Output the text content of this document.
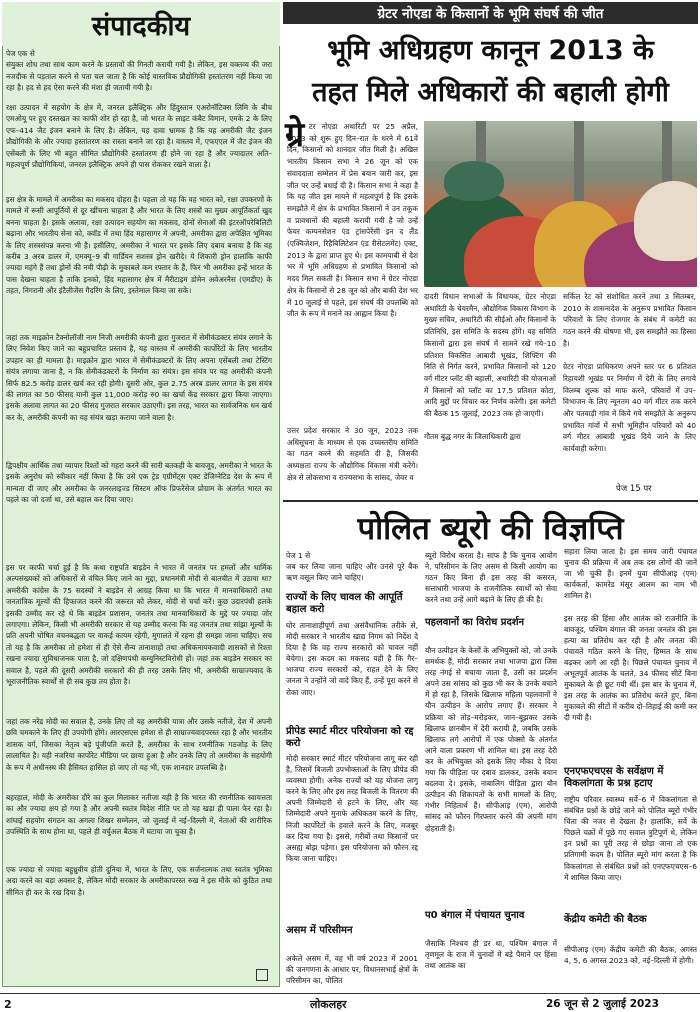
संपादकीय

पेज एक से
संयुक्त शोध तथा साथ काम करने के प्रस्तावों की गिनती करायी गयी है। लेकिन, इस वक्तव्य की जरा नजदीक से पड़ताल करने से पता चल जाता है कि कोई वास्तविक प्रौद्योगिकी हस्तांतरण नहीं किया जा रहा है। हद से हद ऐसा करने की मंशा ही जतायी गयी है।

रक्षा उत्पादन में सहयोग के क्षेत्र में, जनरल इलैक्ट्रिक और हिंदुस्तान एअरोनॉटिक्स लिमि के बीच एमओयू पर हुए दस्तखत का काफी शोर हो रहा है, जो भारत के लाइट कंबैट विमान, एमके 2 के लिए एफ–414 जैट इंजन बनाने के लिए है। लेकिन, यह दावा भ्रामक है कि यह अमरीकी जैट इंजन प्रौद्योगिकी के और ज्यादा हस्तांतरण का रास्ता बनाने जा रहा है। वास्तव में, एफएएल में जैट इंजन की एसेंबली के लिए भी बहुत सीमित प्रौद्योगिकी हस्तांतरण ही होने जा रहा है और ज्यादातर अति–महत्वपूर्ण प्रौद्योगिकियां, जनरल इलैक्ट्रिक अपने ही पास रोककर रखने वाला है।

इस क्षेत्र के मामले में अमरीका का मकसद दोहरा है। पहला तो यह कि वह भारत को, रक्षा उपकरणों के मामले में रूसी आपूर्तियों से दूर खींचना चाहता है और भारत के लिए शस्त्रों का मुख्य आपूर्तिकर्ता खुद बनना चाहता है। इसके अलावा, रक्षा उत्पादन सहयोग का मकसद, दोनों सेनाओं की इंटरऑपरेबिलिटी बढ़ाना और भारतीय सेना को, क्वॉड में तथा हिंद महासागर में अपनी, अमरीका द्वारा अपेक्षित भूमिका के लिए शस्त्रसंपन्न करना भी है। इसीलिए, अमरीका ने भारत पर इसके लिए दबाव बनाया है कि वह करीब 3 अरब डालर में, एमक्यू–9 बी गार्डियन सशस्त्र ड्रोन खरीदे। ये शिकारी ड्रोन हालांकि काफी ज्यादा महंगे हैं तथा ड्रोनों की नयी पीढ़ी के मुकाबले कम रफ्तार के हैं, फिर भी अमरीका इन्हें भारत के पास देखना चाहता है ताकि इनको, हिंद महासागर क्षेत्र में मैरीटाइम डोमेन अवेअरनैस (एमडीए) के तहत, निगरानी और इंटैलीजेंस गैदरिंग के लिए, इस्तेमाल किया जा सके।

जहां तक माइक्रोन टैक्नोलॉजी नाम निजी अमरीकी कंपनी द्वारा गुजरात में सेमीकंडक्टर संयंत्र लगाने के लिए निवेश किए जाने का बहुप्रचारित प्रस्ताव है, यह वास्तव में अमरीकी कार्पोरेटों के लिए भारतीय उपहार का ही मामला है। माइक्रोन द्वारा भारत में सेमीकंडक्टरों के लिए अपना एसेंबली तथा टेस्टिंग संयंत्र लगाया जाना है, न कि सेमीकंडक्टरों के निर्माण का संयंत्र। इस संयंत्र पर यह अमरीकी कंपनी सिर्फ 82.5 करोड़ डालर खर्च कर रही होगी। दूसरी ओर, कुल 2.75 अरब डालर लागत के इस संयंत्र की लागत का 50 फीसद यानी कुल 11,000 करोड़ रु0 का खर्चा केंद्र सरकार द्वारा किया जाएगा। इसके अलावा लागत का 20 फीसद गुजरात सरकार उठाएगी। इस तरह, भारत का सार्वजनिक धन खर्च कर के, अमरीकी कंपनी का यह संयंत्र खड़ा कराया जाने वाला है।

द्विपक्षीय आर्थिक तथा व्यापार रिश्तों को गहरा करने की सारी बतकही के बावजूद, अमरीका ने भारत के इसके अनुरोध को स्वीकार नहीं किया है कि उसे एक ट्रेड एग्रीमेंट्स एक्ट डेजिग्नेटिड देश के रूप में मान्यता दी जाए और अमरीका के जनरलाइज्ड सिस्टम ऑफ प्रिफरेंसेज प्रोग्राम के अंतर्गत भारत का पहले का जो दर्जा था, उसे बहाल कर दिया जाए।

इस पर काफी चर्चा हुई है कि कथा राष्ट्रपति बाइडेन ने भारत में जनतंत्र पर हमलों और धार्मिक अल्पसंख्यकों को अधिकारों से वंचित किए जाने का मुद्दा, प्रधानमंत्री मोदी से बातचीत में उठाया था? अमरीकी कांग्रेस के 75 सदस्यों ने बाइडेन से आग्रह किया था कि भारत में मानवाधिकारों तथा जनतांत्रिक मूल्यों की हिफाजत करने की जरूरत को लेकर, मोदी से चर्चा करें। कुछ उदारपंथी हलके इसकी उम्मीद कर रहे थे कि बाइडेन प्रशासन, जनतंत्र तथा मानवाधिकारों के मुद्दे पर ज्यादा जोर लगाएगा। लेकिन, किसी भी अमरीकी सरकार से यह उम्मीद करना कि वह जनतंत्र तथा सांझा मूल्यों के प्रति अपनी घोषित वचनबद्धता पर वाकई कायम रहेगी, मुगालते में रहना ही समझा जाना चाहिए। सच तो यह है कि अमरीका तो हमेशा से ही ऐसे सैन्य तानाशाहों तथा अधिकनायकवादी शासकों से रिश्ता रखना ज्यादा सुविधाजनक पाता है, जो दक्षिणपंथी कम्युनिस्टविरोधी हों। जहां तक बाइडेन सरकार का सवाल है, पहले की दूसरी अमरीकी सरकारों की ही तरह उसके लिए भी, अमरीकी साम्राज्यवाद के भूराजनीतिक स्वार्थों से ही सब कुछ तय होता है।

जहां तक नरेंद्र मोदी का सवाल है, उनके लिए तो यह अमरीकी यात्रा और उसके नतीजे, देश में अपनी छवि चमकाने के लिए ही उपयोगी होंगे। आरएसएस हमेशा से ही साम्राज्यवादपरस्त रहा है और भारतीय शासक वर्ग, जिसका नेतृत्व बड़े पूंजीपति करते हैं, अमरीका के साथ रणनीतिक गठजोड़ के लिए लालायित है। यही नजरिया कार्पोरेट मीडिया पर छाया हुआ है और उनके लिए तो अमरीका के सहयोगी के रूप में अधीनस्थ की हैसियत हासिल हो जाए तो यह भी, एक शानदार उपलब्धि है।

बहरहाल, मोदी के अमरीका दौरे का कुल मिलाकर नतीजा यही है कि भारत की रणनीतिक स्वायत्तता का और ज्यादा क्षय हो गया है और अपनी स्वतंत्र विदेश नीति पर तो यह खड़ा ही पाला फेर रहा है। शांघाई सहयोग संगठन का अगला शिखर सम्मेलन, जो जुलाई में नई–दिल्ली में, नेताओं की शारीरिक उपस्थिति के साथ होना था, पहले ही वर्चुअल बैठक में घटाया जा चुका है।

एक ज्यादा से ज्यादा बहुध्रुवीय होती दुनिया में, भारत के लिए, एक सर्जनात्मक तथा स्वतंत्र भूमिका अदा करने का बड़ा अवसर है, लेकिन मोदी सरकार के अमरीकापरस्त रुख ने इस मौके को कुंठित तथा सीमित ही कर के रख दिया है।

ग्रेटर नोएडा के किसानों के भूमि संघर्ष की जीत
भूमि अधिग्रहण कानून 2013 के
तहत मिले अधिकारों की बहाली होगी
ग्रे टर नोएडा अथारिटी पर 25 अप्रैल, 2023 को शुरू हुए दिन–रात के धरने में 61वें दिन, किसानों को शानदार जीत मिली है। अखिल भारतीय किसान सभा ने 26 जून को एक संवाददाता सम्मेलन में प्रेस बयान जारी कर, इस जीत पर उन्हें बधाई दी है। किसान सभा ने कहा है कि यह जीत इस मायने में महत्वपूर्ण है कि इसके समझौते में क्षेत्र के प्रभावित किसानों ने उन तकूक व प्रावधानों की बहाली करायी गयी है जो उन्हें फेयर कम्पनसेशन एंड ट्रांसपेरेंसी इन द लैंड (एक्विजेशन, रिहैबिलिटेशन एंड रीसेटलमेंट) एक्ट, 2013 के द्वारा प्राप्त हुए थे। इस कामयाबी से देश भर में भूमि अधिग्रहण से प्रभावित किसानों को मदद मिल सकती है। किसान सभा ने ग्रेटर नोएडा क्षेत्र के किसानों से 28 जून को और बाकी देश भर में 10 जुलाई से पहले, इस संघर्ष की उपलब्धि को जीत के रूप में मनाने का आह्वान किया है।

उत्तर प्रदेश सरकार ने 30 जून, 2023 तक अधिसूचना के माध्यम से एक उच्चस्तरीय समिति का गठन करने की सहमति दी है, जिसकी अध्यक्षता राज्य के औद्योगिक विकास मंत्री करेंगे। क्षेत्र से लोकसभा व राज्यसभा के सांसद, जेवर व

दादरी विधान सभाओं के विधायक, ग्रेटर नोएडा अथारिटी के चेयरमैन, औद्योगिक विकास विभाग के मुख्य सचिव, अथारिटी की सीईओ और किसानों के प्रतिनिधि, इस समिति के सदस्य होंगे। यह समिति किसानों द्वारा इस संघर्ष में सामने रखे गये–10 प्रतिशत विकसित आबादी भूखंड, शिफ्टिंग की निति से निर्गत करने, प्रभावित किसानों को 120 वर्ग मीटर प्लॉट की बहाली, अथारिटी की योजनाओं में किसानों को प्लॉट का 17.5 प्रतिशत कोटा, आदि मुद्दों पर विचार कर निर्णय करेगी। इस कमेटी की बैठक 15 जुलाई, 2023 तक हो जाएगी।

गौतम बुद्ध नगर के जिलाधिकारी द्वारा

सर्किल रेट को संशोधित करने तथा 3 सितम्बर, 2010 के शासनादेश के अनुरूप प्रभावित किसान परिवारों के लिए रोजगार के संबंध में कमेटी का गठन करने की घोषणा भी, इस समझौते का हिस्सा है।

ग्रेटर नोएडा प्राधिकरण अपने स्तर पर 6 प्रतिशत रिहायशी भूखंड पर निर्माण में देरी के लिए लगाये विलम्ब शुल्क को माफ करने, परिवारों में उप–विभाजन के लिए न्यूनतम 40 वर्ग मीटर तक करने और पतवाड़ी गांव में किये गये समझौते के अनुरूप प्रभावित गांवों में सभी भूमिहीन परिवारों को 40 वर्ग मीटर आबादी भूखंड दिये जाने के लिए कार्यवाही करेगा।

पेज 15 पर
पोलित ब्यूरो की विज्ञप्ति

पेज 1 से
जब कर लिया जाना चाहिए और उनसे पूरे बैंक ऋण वसूल किए जाने चाहिए।

राज्यों के लिए चावल की आपूर्ति बहाल करो

घोर तानाशाहीपूर्ण तथा असंवैधानिक तरीके से, मोदी सरकार ने भारतीय खाद्य निगम को निर्देश दे दिया है कि वह राज्य सरकारों को चावल नहीं बेचेगा। इस कदम का मकसद यही है कि गैर–भाजपा राज्य सरकारों को, राहत देने के लिए जनता ने उन्होंने जो वादे किए हैं, उन्हें पूरा करने से रोका जाए।

प्रीपेड स्मार्ट मीटर परियोजना को रद्द करो

मोदी सरकार स्मार्ट मीटर परियोजना लागू कर रही है, जिसमें बिजली उपभोक्ताओं के लिए प्रीपेड की व्यवस्था होगी। अनेक राज्यों को यह योजना लागू करने के लिए और इस तरह बिजली के वितरण की अपनी जिम्मेदारी से हटने के लिए, और यह जिम्मेदारी अपने मुनाफे अधिकतम करने के लिए, निजी कार्पोरेटों के हवाले करने के लिए, मजबूर कर दिया गया है। इससे, गरीबों तथा किसानों पर असह्य बोझ पड़ेगा। इस परियोजना को फौरन रद्द किया जाना चाहिए।

असम में परिसीमन

अकेले असम में, वह भी वर्ष 2023 में 2001 की जनगणना के आधार पर, विधानसभाई क्षेत्रों के परिसीमन का, पोलित

ब्यूरो विरोध करता है। साफ है कि चुनाव आयोग ने, परिसीमन के लिए असम से किसी आयोग का गठन किए बिना ही इस तरह की कसरत, सत्ताधारी भाजपा के राजनीतिक स्वार्थों को सेवा करने तथा उन्हें आगे बढ़ाने के लिए ही की है।

पहलवानों का विरोध प्रदर्शन

यौन उत्पीड़न के केसों के अभियुक्तों को, जो उनके समर्थक हैं, मोदी सरकार तथा भाजपा द्वारा जिस तरह नंगई से बचाया जाता है, उसी का प्रदर्शन अपने उस सांसद को कुछ भी कर के उनके बचाने में हो रहा है, जिसके खिलाफ महिला पहलवानों ने यौन उत्पीड़न के आरोप लगाए हैं। सरकार ने प्रक्रिया को तोड़–मरोड़कर, जान–बूझकर उसके खिलाफ छानबीन में देरी करायी है, जबकि उसके खिलाफ लगे आरोपों में एक पोक्सो के अंतर्गत आने वाला प्रकरण भी शामिल था। इस तरह देरी कर के अभियुक्त को इसके लिए मौका दे दिया गया कि पीड़िता पर दबाव डालकर, उसके बयान बदलवा दे। इसके, नाबालिग पीड़िता द्वारा यौन उत्पीड़न की शिकायतों के सभी मामलों के लिए, गंभीर निहितार्थ हैं। सीपीआइ (एम), आरोपी सांसद को फौरन गिरफ्तार करने की अपनी मांग दोहराती है।

प0 बंगाल में पंचायत चुनाव

जैसाकि निश्चय ही डर था, पश्चिम बंगाल में तृणमूल के राज में चुनावों में बड़े पैमाने पर हिंसा तथा आतंक का

सहारा लिया जाता है। इस समय जारी पंचायत चुनाव की प्रक्रिया में अब तक दस लोगों की जानें जा भी चुकी हैं। इनमें युवा सीपीआइ (एम) कार्यकर्ता, कामरेड मंसूर आलम का नाम भी शामिल है।

इस तरह की हिंसा और आतंक को राजनीति के बावजूद, पश्चिम बंगाल की जनता जनतंत्र की इस हत्या का प्रतिरोध कर रही है और जनता की पंचायतें गठित करने के लिए, हिम्मत के साथ बढ़कर आगे आ रही है। पिछले पंचायत चुनाव में अभूतपूर्व आतंक के चलते, 34 फीसद सीटें बिना मुकाबले के ही छूट गयी थीं। इस बार के चुनाव में, इस तरह के आतंक का प्रतिरोध करते हुए, बिना मुकाबले की सीटों में करीब दो–तिहाई की कमी कर दी गयी है।

एनएफएचएस के सर्वेक्षण में विकलांगता के प्रश्न हटाए

राष्ट्रीय परिवार स्वास्थ्य सर्वे–6 में विकलांगता से संबंधित प्रश्नों के छोड़े जाने को पोलित ब्यूरो गंभीर चिंता की नजर से देखता है। हालांकि, सर्वे के पिछले चक्रों में पूछे गए सवाल त्रुटिपूर्ण थे, लेकिन इन प्रश्नों का पूरी तरह से छोड़ा जाना तो एक प्रतिगामी कदम है। पोलित ब्यूरो मांग करता है कि विकलांगता से संबंधित प्रश्नों को एनएफएचएस–6 में शामिल किया जाए।

केंद्रीय कमेटी की बैठक

सीपीआइ (एम) केंद्रीय कमेटी की बैठक, अगस्त 4, 5, 6 अगस्त 2023 को, नई–दिल्ली में होगी।

2	लोकलहर	26 जून से 2 जुलाई 2023
